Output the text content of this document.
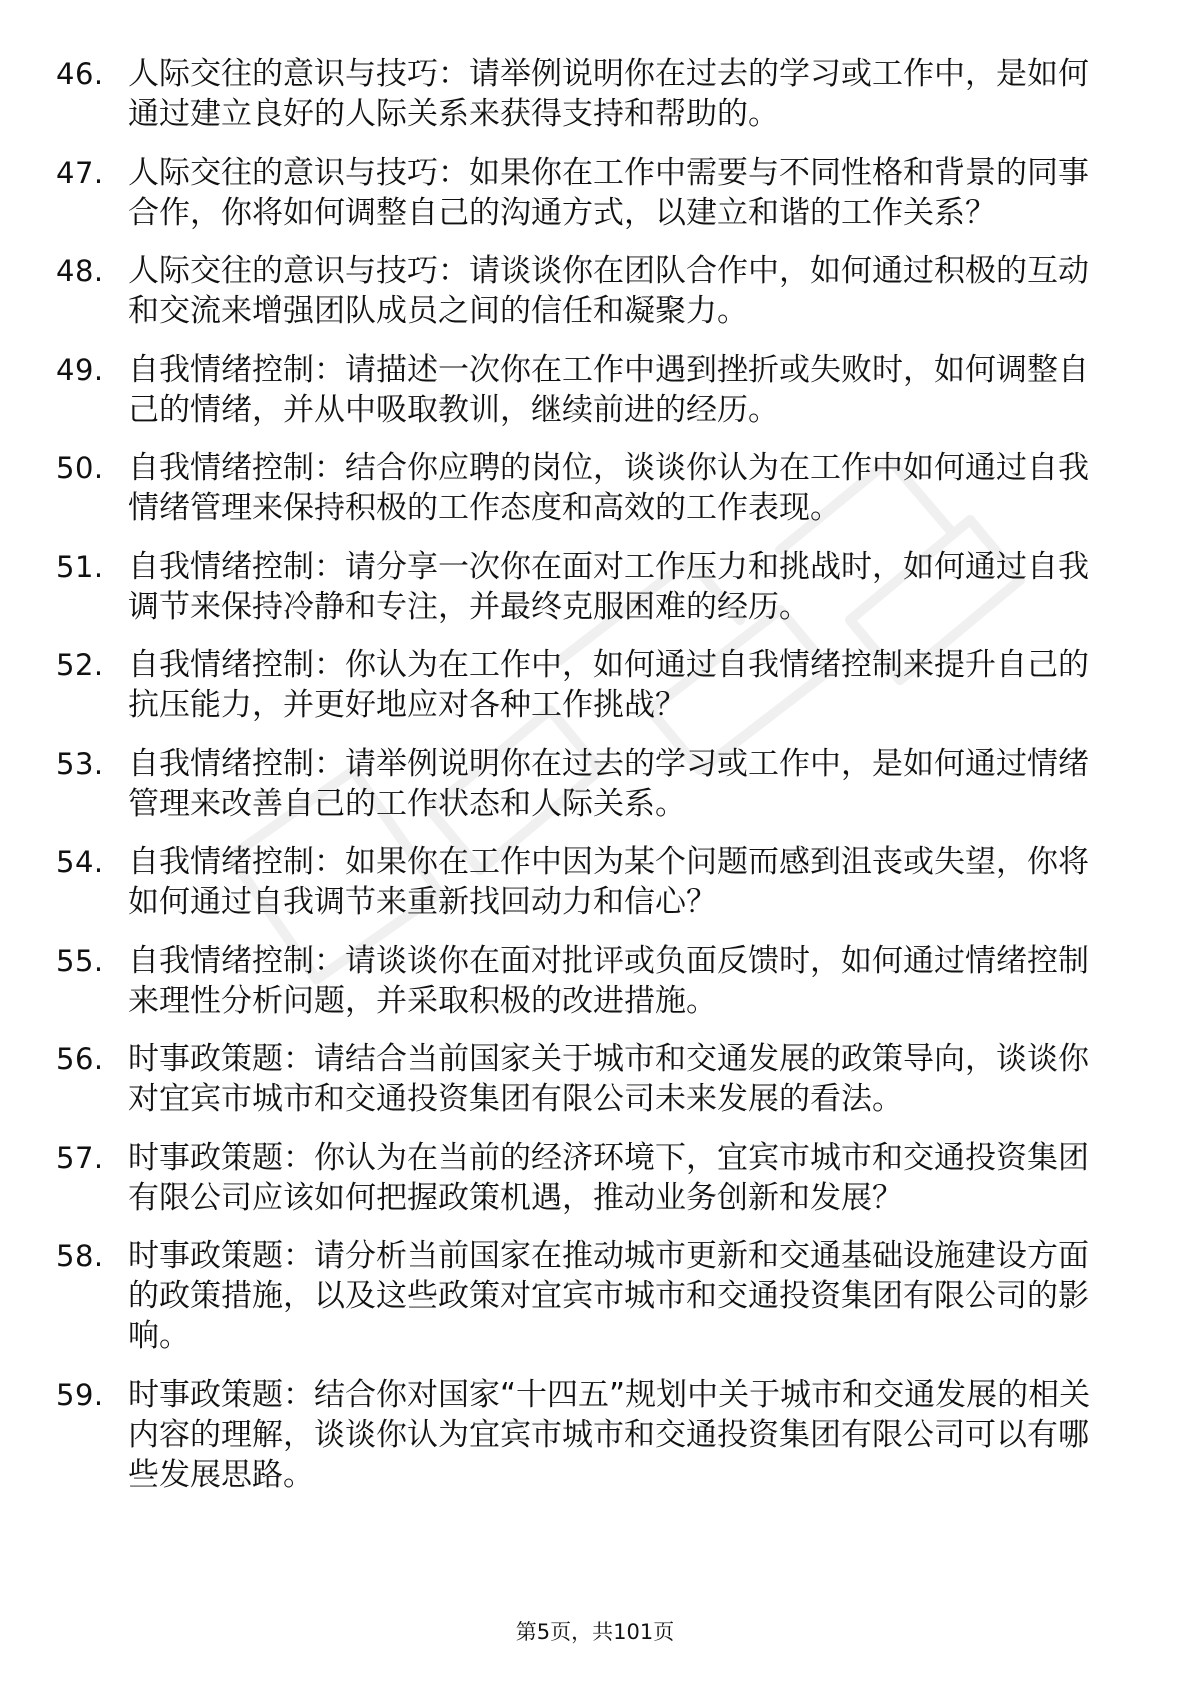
46. 人际交往的意识与技巧：请举例说明你在过去的学习或工作中，是如何通过建立良好的人际关系来获得支持和帮助的。
47. 人际交往的意识与技巧：如果你在工作中需要与不同性格和背景的同事合作，你将如何调整自己的沟通方式，以建立和谐的工作关系？
48. 人际交往的意识与技巧：请谈谈你在团队合作中，如何通过积极的互动和交流来增强团队成员之间的信任和凝聚力。
49. 自我情绪控制：请描述一次你在工作中遇到挫折或失败时，如何调整自己的情绪，并从中吸取教训，继续前进的经历。
50. 自我情绪控制：结合你应聘的岗位，谈谈你认为在工作中如何通过自我情绪管理来保持积极的工作态度和高效的工作表现。
51. 自我情绪控制：请分享一次你在面对工作压力和挑战时，如何通过自我调节来保持冷静和专注，并最终克服困难的经历。
52. 自我情绪控制：你认为在工作中，如何通过自我情绪控制来提升自己的抗压能力，并更好地应对各种工作挑战？
53. 自我情绪控制：请举例说明你在过去的学习或工作中，是如何通过情绪管理来改善自己的工作状态和人际关系。
54. 自我情绪控制：如果你在工作中因为某个问题而感到沮丧或失望，你将如何通过自我调节来重新找回动力和信心？
55. 自我情绪控制：请谈谈你在面对批评或负面反馈时，如何通过情绪控制来理性分析问题，并采取积极的改进措施。
56. 时事政策题：请结合当前国家关于城市和交通发展的政策导向，谈谈你对宜宾市城市和交通投资集团有限公司未来发展的看法。
57. 时事政策题：你认为在当前的经济环境下，宜宾市城市和交通投资集团有限公司应该如何把握政策机遇，推动业务创新和发展？
58. 时事政策题：请分析当前国家在推动城市更新和交通基础设施建设方面的政策措施，以及这些政策对宜宾市城市和交通投资集团有限公司的影响。
59. 时事政策题：结合你对国家“十四五”规划中关于城市和交通发展的相关内容的理解，谈谈你认为宜宾市城市和交通投资集团有限公司可以有哪些发展思路。
第5页，共101页
